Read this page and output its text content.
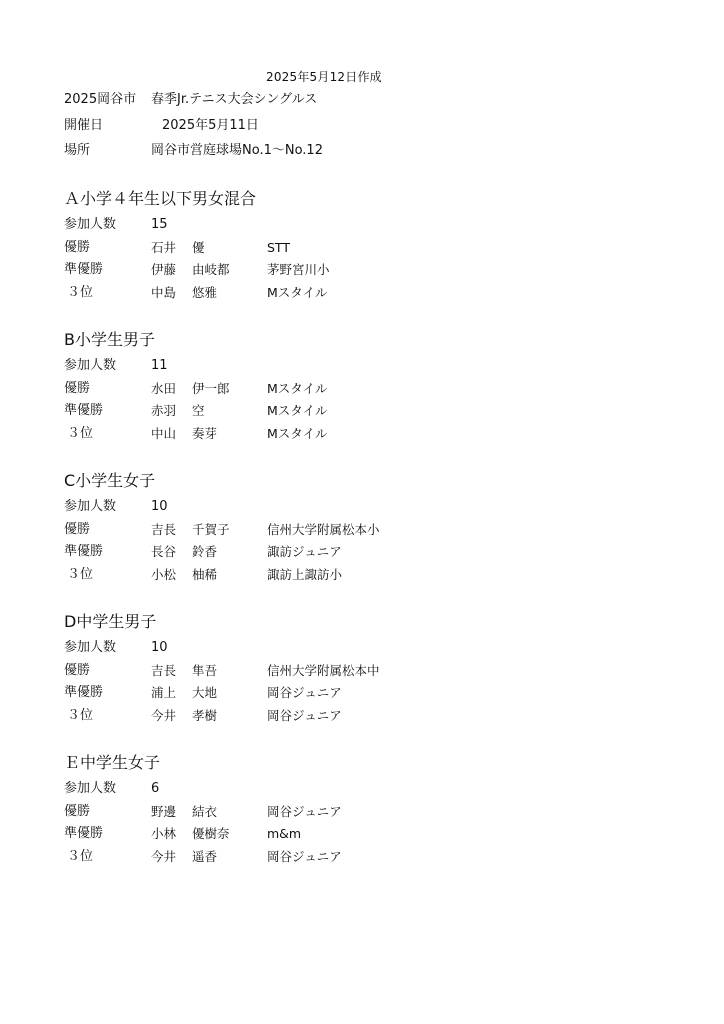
2025年5月12日作成
2025岡谷市 春季Jr.テニス大会シングルス
開催日	2025年5月11日
場所	岡谷市営庭球場No.1～No.12
Ａ小学４年生以下男女混合
参加人数	15
優勝	石井 優	STT
準優勝	伊藤 由岐都	茅野宮川小
３位	中島 悠雅	Mスタイル
B小学生男子
参加人数	11
優勝	水田 伊一郎	Mスタイル
準優勝	赤羽 空	Mスタイル
３位	中山 奏芽	Mスタイル
C小学生女子
参加人数	10
優勝	吉長 千賀子	信州大学附属松本小
準優勝	長谷 鈴香	諏訪ジュニア
３位	小松 柚稀	諏訪上諏訪小
D中学生男子
参加人数	10
優勝	吉長 隼吾	信州大学附属松本中
準優勝	浦上 大地	岡谷ジュニア
３位	今井 孝樹	岡谷ジュニア
Ｅ中学生女子
参加人数	6
優勝	野邊 結衣	岡谷ジュニア
準優勝	小林 優樹奈	m&m
３位	今井 遥香	岡谷ジュニア
